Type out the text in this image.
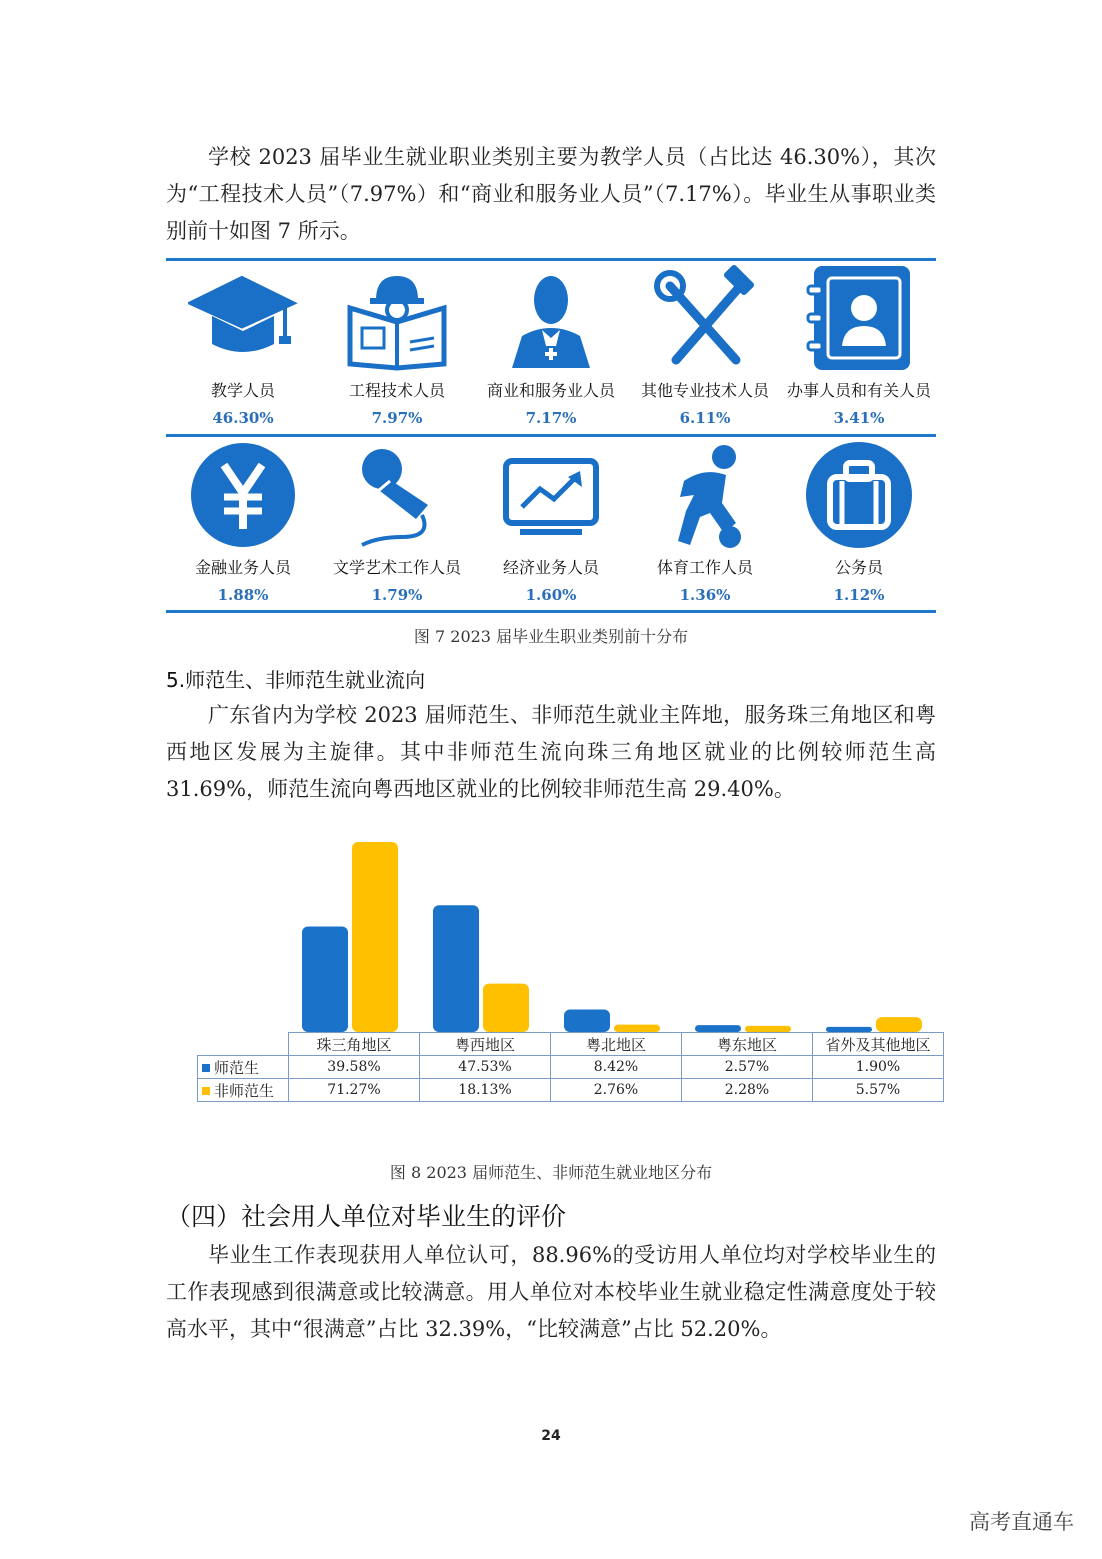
学校 2023 届毕业生就业职业类别主要为教学人员（占比达 46.30%），其次为“工程技术人员”（7.97%）和“商业和服务业人员”（7.17%）。毕业生从事职业类别前十如图 7 所示。

教学人员
46.30%
工程技术人员
7.97%
商业和服务业人员
7.17%
其他专业技术人员
6.11%
办事人员和有关人员
3.41%
金融业务人员
1.88%
文学艺术工作人员
1.79%
经济业务人员
1.60%
体育工作人员
1.36%
公务员
1.12%
图 7 2023 届毕业生职业类别前十分布
5.师范生、非师范生就业流向

广东省内为学校 2023 届师范生、非师范生就业主阵地，服务珠三角地区和粤西地区发展为主旋律。其中非师范生流向珠三角地区就业的比例较师范生高 31.69%，师范生流向粤西地区就业的比例较非师范生高 29.40%。

	珠三角地区	粤西地区	粤北地区	粤东地区	省外及其他地区
师范生	39.58%	47.53%	8.42%	2.57%	1.90%
非师范生	71.27%	18.13%	2.76%	2.28%	5.57%
图 8 2023 届师范生、非师范生就业地区分布
（四）社会用人单位对毕业生的评价

毕业生工作表现获用人单位认可，88.96%的受访用人单位均对学校毕业生的工作表现感到很满意或比较满意。用人单位对本校毕业生就业稳定性满意度处于较高水平，其中“很满意”占比 32.39%，“比较满意”占比 52.20%。

24
高考直通车
